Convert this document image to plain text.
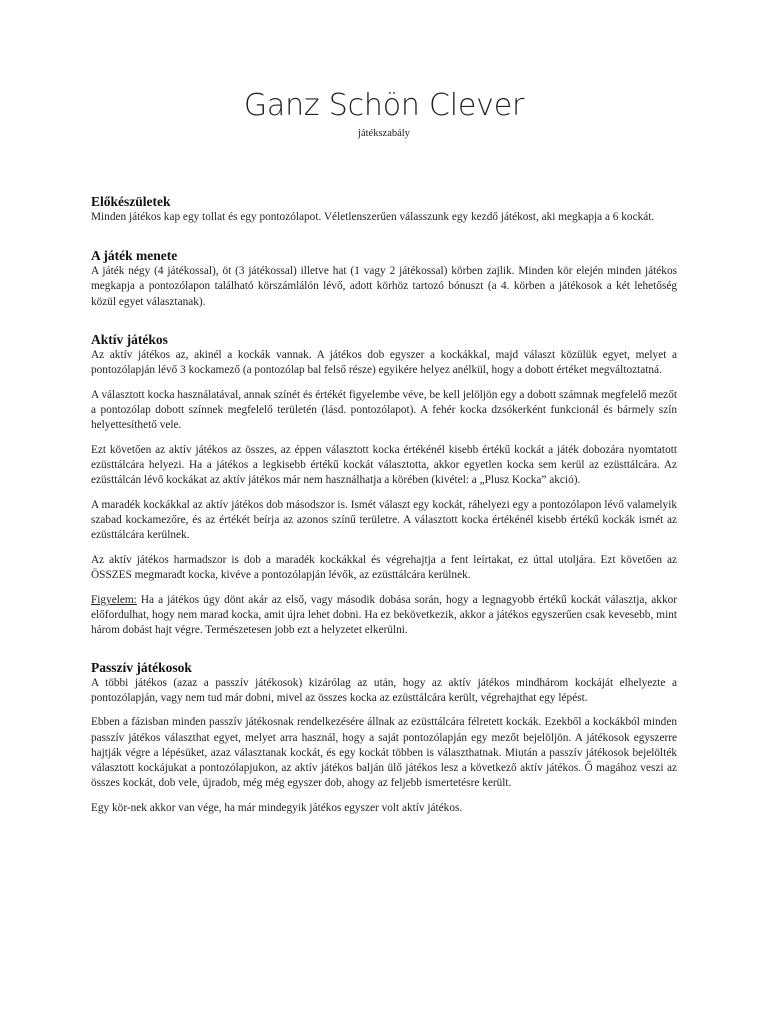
Ganz Schön Clever
játékszabály
Előkészületek

Minden játékos kap egy tollat és egy pontozólapot. Véletlenszerűen válasszunk egy kezdő játékost, aki megkapja a 6 kockát.

A játék menete

A játék négy (4 játékossal), öt (3 játékossal) illetve hat (1 vagy 2 játékossal) körben zajlik. Minden kör elején minden játékos megkapja a pontozólapon található körszámlálón lévő, adott körhöz tartozó bónuszt (a 4. körben a játékosok a két lehetőség közül egyet választanak).

Aktív játékos

Az aktív játékos az, akinél a kockák vannak. A játékos dob egyszer a kockákkal, majd választ közülük egyet, melyet a pontozólapján lévő 3 kockamező (a pontozólap bal felső része) egyikére helyez anélkül, hogy a dobott értéket megváltoztatná.

A választott kocka használatával, annak színét és értékét figyelembe véve, be kell jelöljön egy a dobott számnak megfelelő mezőt a pontozólap dobott színnek megfelelő területén (lásd. pontozólapot). A fehér kocka dzsókerként funkcionál és bármely szín helyettesíthető vele.

Ezt követően az aktív játékos az összes, az éppen választott kocka értékénél kisebb értékű kockát a játék dobozára nyomtatott ezüsttálcára helyezi. Ha a játékos a legkisebb értékű kockát választotta, akkor egyetlen kocka sem kerül az ezüsttálcára. Az ezüsttálcán lévő kockákat az aktív játékos már nem használhatja a körében (kivétel: a „Plusz Kocka” akció).

A maradék kockákkal az aktív játékos dob másodszor is. Ismét választ egy kockát, ráhelyezi egy a pontozólapon lévő valamelyik szabad kockamezőre, és az értékét beírja az azonos színű területre. A választott kocka értékénél kisebb értékű kockák ismét az ezüsttálcára kerülnek.

Az aktív játékos harmadszor is dob a maradék kockákkal és végrehajtja a fent leírtakat, ez úttal utoljára. Ezt követően az ÖSSZES megmaradt kocka, kivéve a pontozólapján lévők, az ezüsttálcára kerülnek.

Figyelem: Ha a játékos úgy dönt akár az első, vagy második dobása során, hogy a legnagyobb értékű kockát választja, akkor előfordulhat, hogy nem marad kocka, amit újra lehet dobni. Ha ez bekövetkezik, akkor a játékos egyszerűen csak kevesebb, mint három dobást hajt végre. Természetesen jobb ezt a helyzetet elkerülni.

Passzív játékosok

A többi játékos (azaz a passzív játékosok) kizárólag az után, hogy az aktív játékos mindhárom kockáját elhelyezte a pontozólapján, vagy nem tud már dobni, mivel az összes kocka az ezüsttálcára került, végrehajthat egy lépést.

Ebben a fázisban minden passzív játékosnak rendelkezésére állnak az ezüsttálcára félretett kockák. Ezekből a kockákból minden passzív játékos választhat egyet, melyet arra használ, hogy a saját pontozólapján egy mezőt bejelöljön. A játékosok egyszerre hajtják végre a lépésüket, azaz választanak kockát, és egy kockát többen is választhatnak. Miután a passzív játékosok bejelölték választott kockájukat a pontozólapjukon, az aktív játékos balján ülő játékos lesz a következő aktív játékos. Ő magához veszi az összes kockát, dob vele, újradob, még még egyszer dob, ahogy az feljebb ismertetésre került.

Egy kör-nek akkor van vége, ha már mindegyik játékos egyszer volt aktív játékos.
